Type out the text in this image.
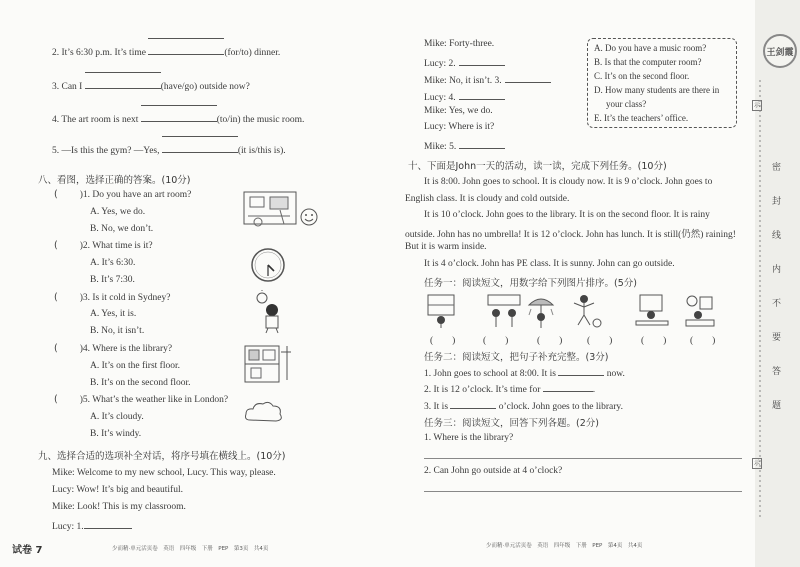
2. It’s 6:30 p.m. It’s time	(for/to) dinner.
3. Can I	(have/go) outside now?
4. The art room is next	(to/in) the music room.
5. —Is this the gym? —Yes,	(it is/this is).
八、看图，选择正确的答案。(10分)
( )1. Do you have an art room?
A. Yes, we do.
B. No, we don’t.
( )2. What time is it?
A. It’s 6:30.
B. It’s 7:30.
( )3. Is it cold in Sydney?
A. Yes, it is.
B. No, it isn’t.
( )4. Where is the library?
A. It’s on the first floor.
B. It’s on the second floor.
( )5. What’s the weather like in London?
A. It’s cloudy.
B. It’s windy.
九、选择合适的选项补全对话，将序号填在横线上。(10分)
Mike: Welcome to my new school, Lucy. This way, please.
Lucy: Wow! It’s big and beautiful.
Mike: Look! This is my classroom.
Lucy: 1.
试卷 7	少而精·单元活页卷　英语　四年级　下册　PEP　第3页　共4页
Mike: Forty-three.
Lucy: 2.
Mike: No, it isn’t. 3.
Lucy: 4.
Mike: Yes, we do.
Lucy: Where is it?
Mike: 5.
A. Do you have a music room?
B. Is that the computer room?
C. It’s on the second floor.
D. How many students are there in
your class?
E. It’s the teachers’ office.
十、下面是John一天的活动，读一读，完成下列任务。(10分)
It is 8:00. John goes to school. It is cloudy now. It is 9 o’clock. John goes to
English class. It is cloudy and cold outside.
It is 10 o’clock. John goes to the library. It is on the second floor. It is rainy
outside. John has no umbrella! It is 12 o’clock. John has lunch. It is still(仍然) raining!
But it is warm inside.
It is 4 o’clock. John has PE class. It is sunny. John can go outside.
任务一：阅读短文，用数字给下列图片排序。(5分)
(　　)	(　　)	(　　)	(　　)	(　　) (　　)
任务二：阅读短文，把句子补充完整。(3分)
1. John goes to school at 8:00. It is	now.
2. It is 12 o’clock. It’s time for	.
3. It is	o’clock. John goes to the library.
任务三：阅读短文，回答下列各题。(2分)
1. Where is the library?
2. Can John go outside at 4 o’clock?
少而精·单元活页卷　英语　四年级　下册　PEP　第4页　共4页
王剑霞
示
示
密
封
线
内
不
要
答
题
